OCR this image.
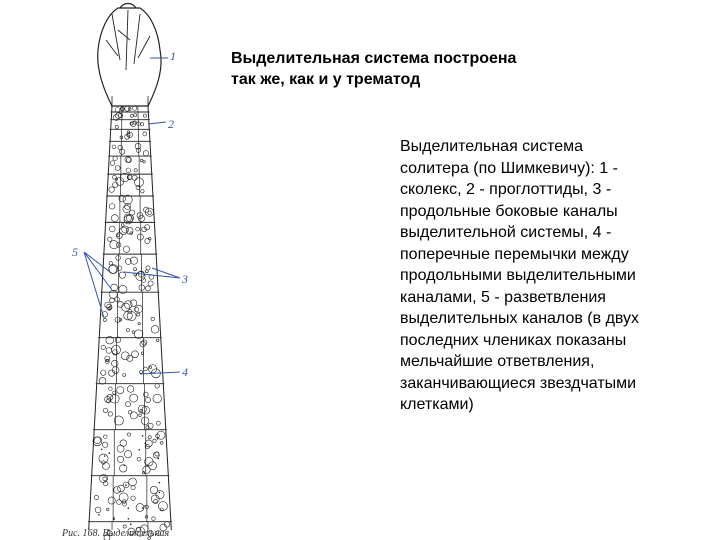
1
2
3
4
5
Выделительная система построена
так же, как и у трематод
Выделительная система
солитера (по Шимкевичу): 1 -
сколекс, 2 - проглоттиды, 3 -
продольные боковые каналы
выделительной системы, 4 -
поперечные перемычки между
продольными выделительными
каналами, 5 - разветвления
выделительных каналов (в двух
последних члениках показаны
мельчайшие ответвления,
заканчивающиеся звездчатыми
клетками)
Рис. 168. Выделительная
